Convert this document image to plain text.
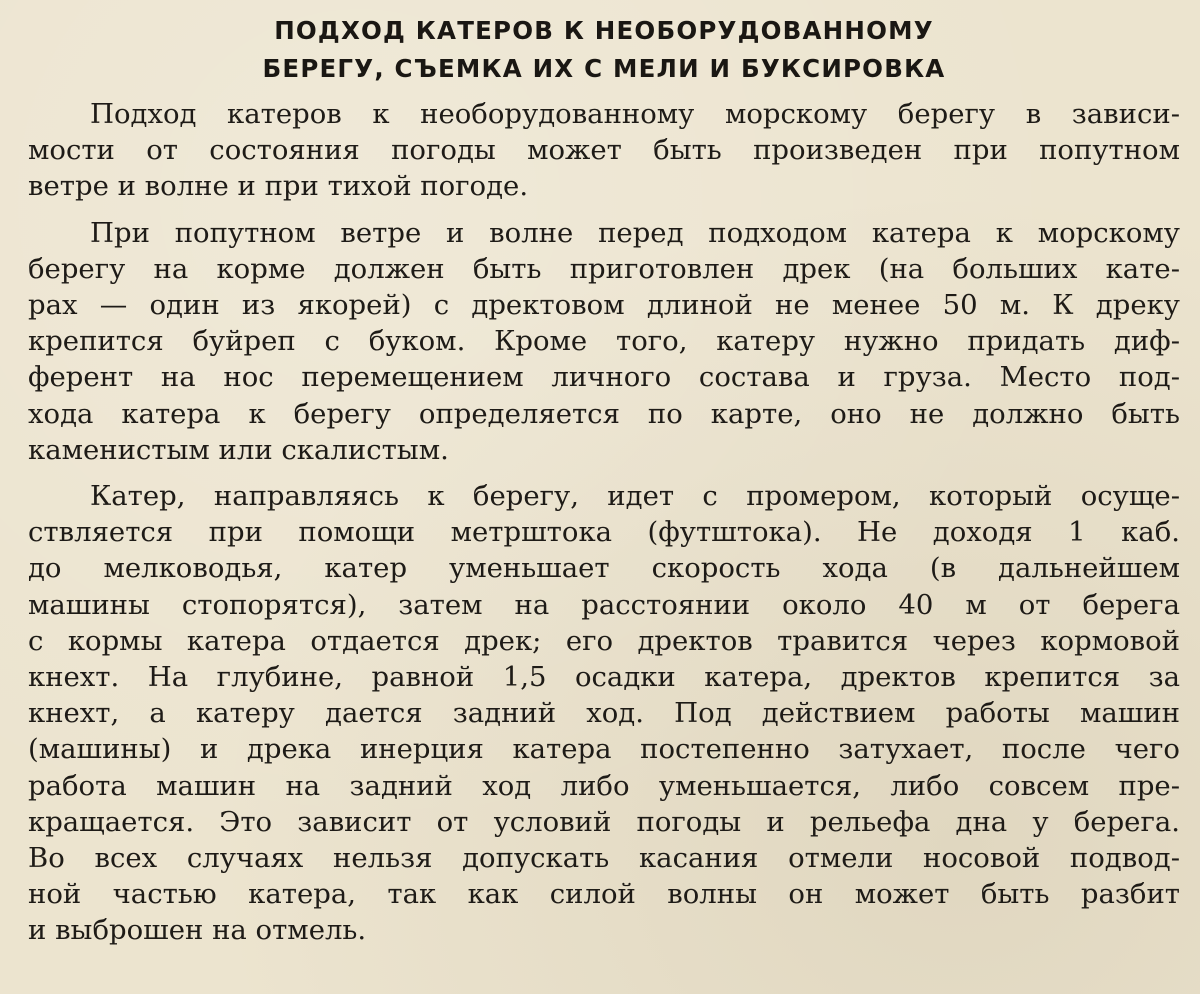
ПОДХОД КАТЕРОВ К НЕОБОРУДОВАННОМУ
БЕРЕГУ, СЪЕМКА ИХ С МЕЛИ И БУКСИРОВКА

Подход катеров к необорудованному морскому берегу в зависи-
мости от состояния погоды может быть произведен при попутном
ветре и волне и при тихой погоде.

При попутном ветре и волне перед подходом катера к морскому
берегу на корме должен быть приготовлен дрек (на больших кате-
рах — один из якорей) с дректовом длиной не менее 50 м. К дреку
крепится буйреп с буком. Кроме того, катеру нужно придать диф-
ферент на нос перемещением личного состава и груза. Место под-
хода катера к берегу определяется по карте, оно не должно быть
каменистым или скалистым.

Катер, направляясь к берегу, идет с промером, который осуще-
ствляется при помощи метрштока (футштока). Не доходя 1 каб.
до мелководья, катер уменьшает скорость хода (в дальнейшем
машины стопорятся), затем на расстоянии около 40 м от берега
с кормы катера отдается дрек; его дректов травится через кормовой
кнехт. На глубине, равной 1,5 осадки катера, дректов крепится за
кнехт, а катеру дается задний ход. Под действием работы машин
(машины) и дрека инерция катера постепенно затухает, после чего
работа машин на задний ход либо уменьшается, либо совсем пре-
кращается. Это зависит от условий погоды и рельефа дна у берега.
Во всех случаях нельзя допускать касания отмели носовой подвод-
ной частью катера, так как силой волны он может быть разбит
и выброшен на отмель.
